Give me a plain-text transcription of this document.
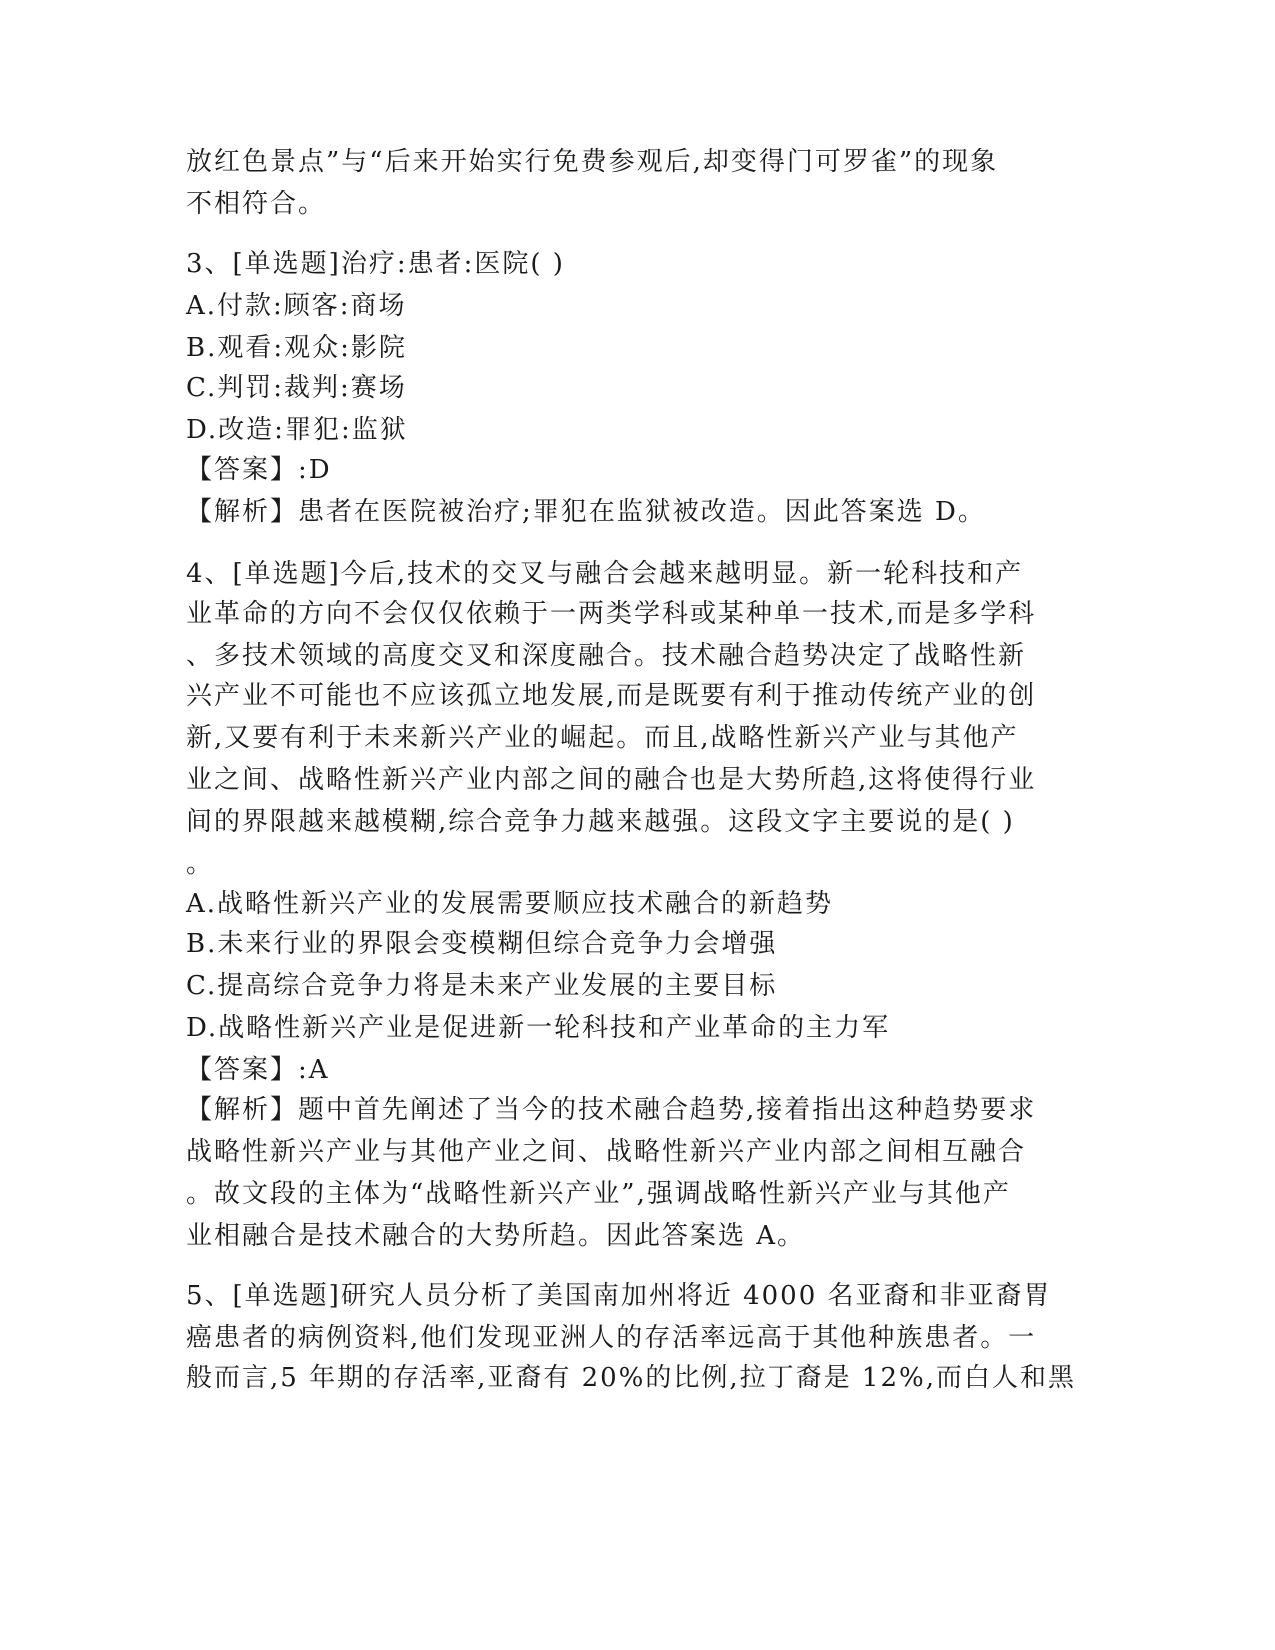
放红色景点”与“后来开始实行免费参观后,却变得门可罗雀”的现象
不相符合。
3、[单选题]治疗:患者:医院( )
A.付款:顾客:商场
B.观看:观众:影院
C.判罚:裁判:赛场
D.改造:罪犯:监狱
【答案】:D
【解析】患者在医院被治疗;罪犯在监狱被改造。因此答案选 D。
4、[单选题]今后,技术的交叉与融合会越来越明显。新一轮科技和产
业革命的方向不会仅仅依赖于一两类学科或某种单一技术,而是多学科
、多技术领域的高度交叉和深度融合。技术融合趋势决定了战略性新
兴产业不可能也不应该孤立地发展,而是既要有利于推动传统产业的创
新,又要有利于未来新兴产业的崛起。而且,战略性新兴产业与其他产
业之间、战略性新兴产业内部之间的融合也是大势所趋,这将使得行业
间的界限越来越模糊,综合竞争力越来越强。这段文字主要说的是( )
。
A.战略性新兴产业的发展需要顺应技术融合的新趋势
B.未来行业的界限会变模糊但综合竞争力会增强
C.提高综合竞争力将是未来产业发展的主要目标
D.战略性新兴产业是促进新一轮科技和产业革命的主力军
【答案】:A
【解析】题中首先阐述了当今的技术融合趋势,接着指出这种趋势要求
战略性新兴产业与其他产业之间、战略性新兴产业内部之间相互融合
。故文段的主体为“战略性新兴产业”,强调战略性新兴产业与其他产
业相融合是技术融合的大势所趋。因此答案选 A。
5、[单选题]研究人员分析了美国南加州将近 4000 名亚裔和非亚裔胃
癌患者的病例资料,他们发现亚洲人的存活率远高于其他种族患者。一
般而言,5 年期的存活率,亚裔有 20%的比例,拉丁裔是 12%,而白人和黑
